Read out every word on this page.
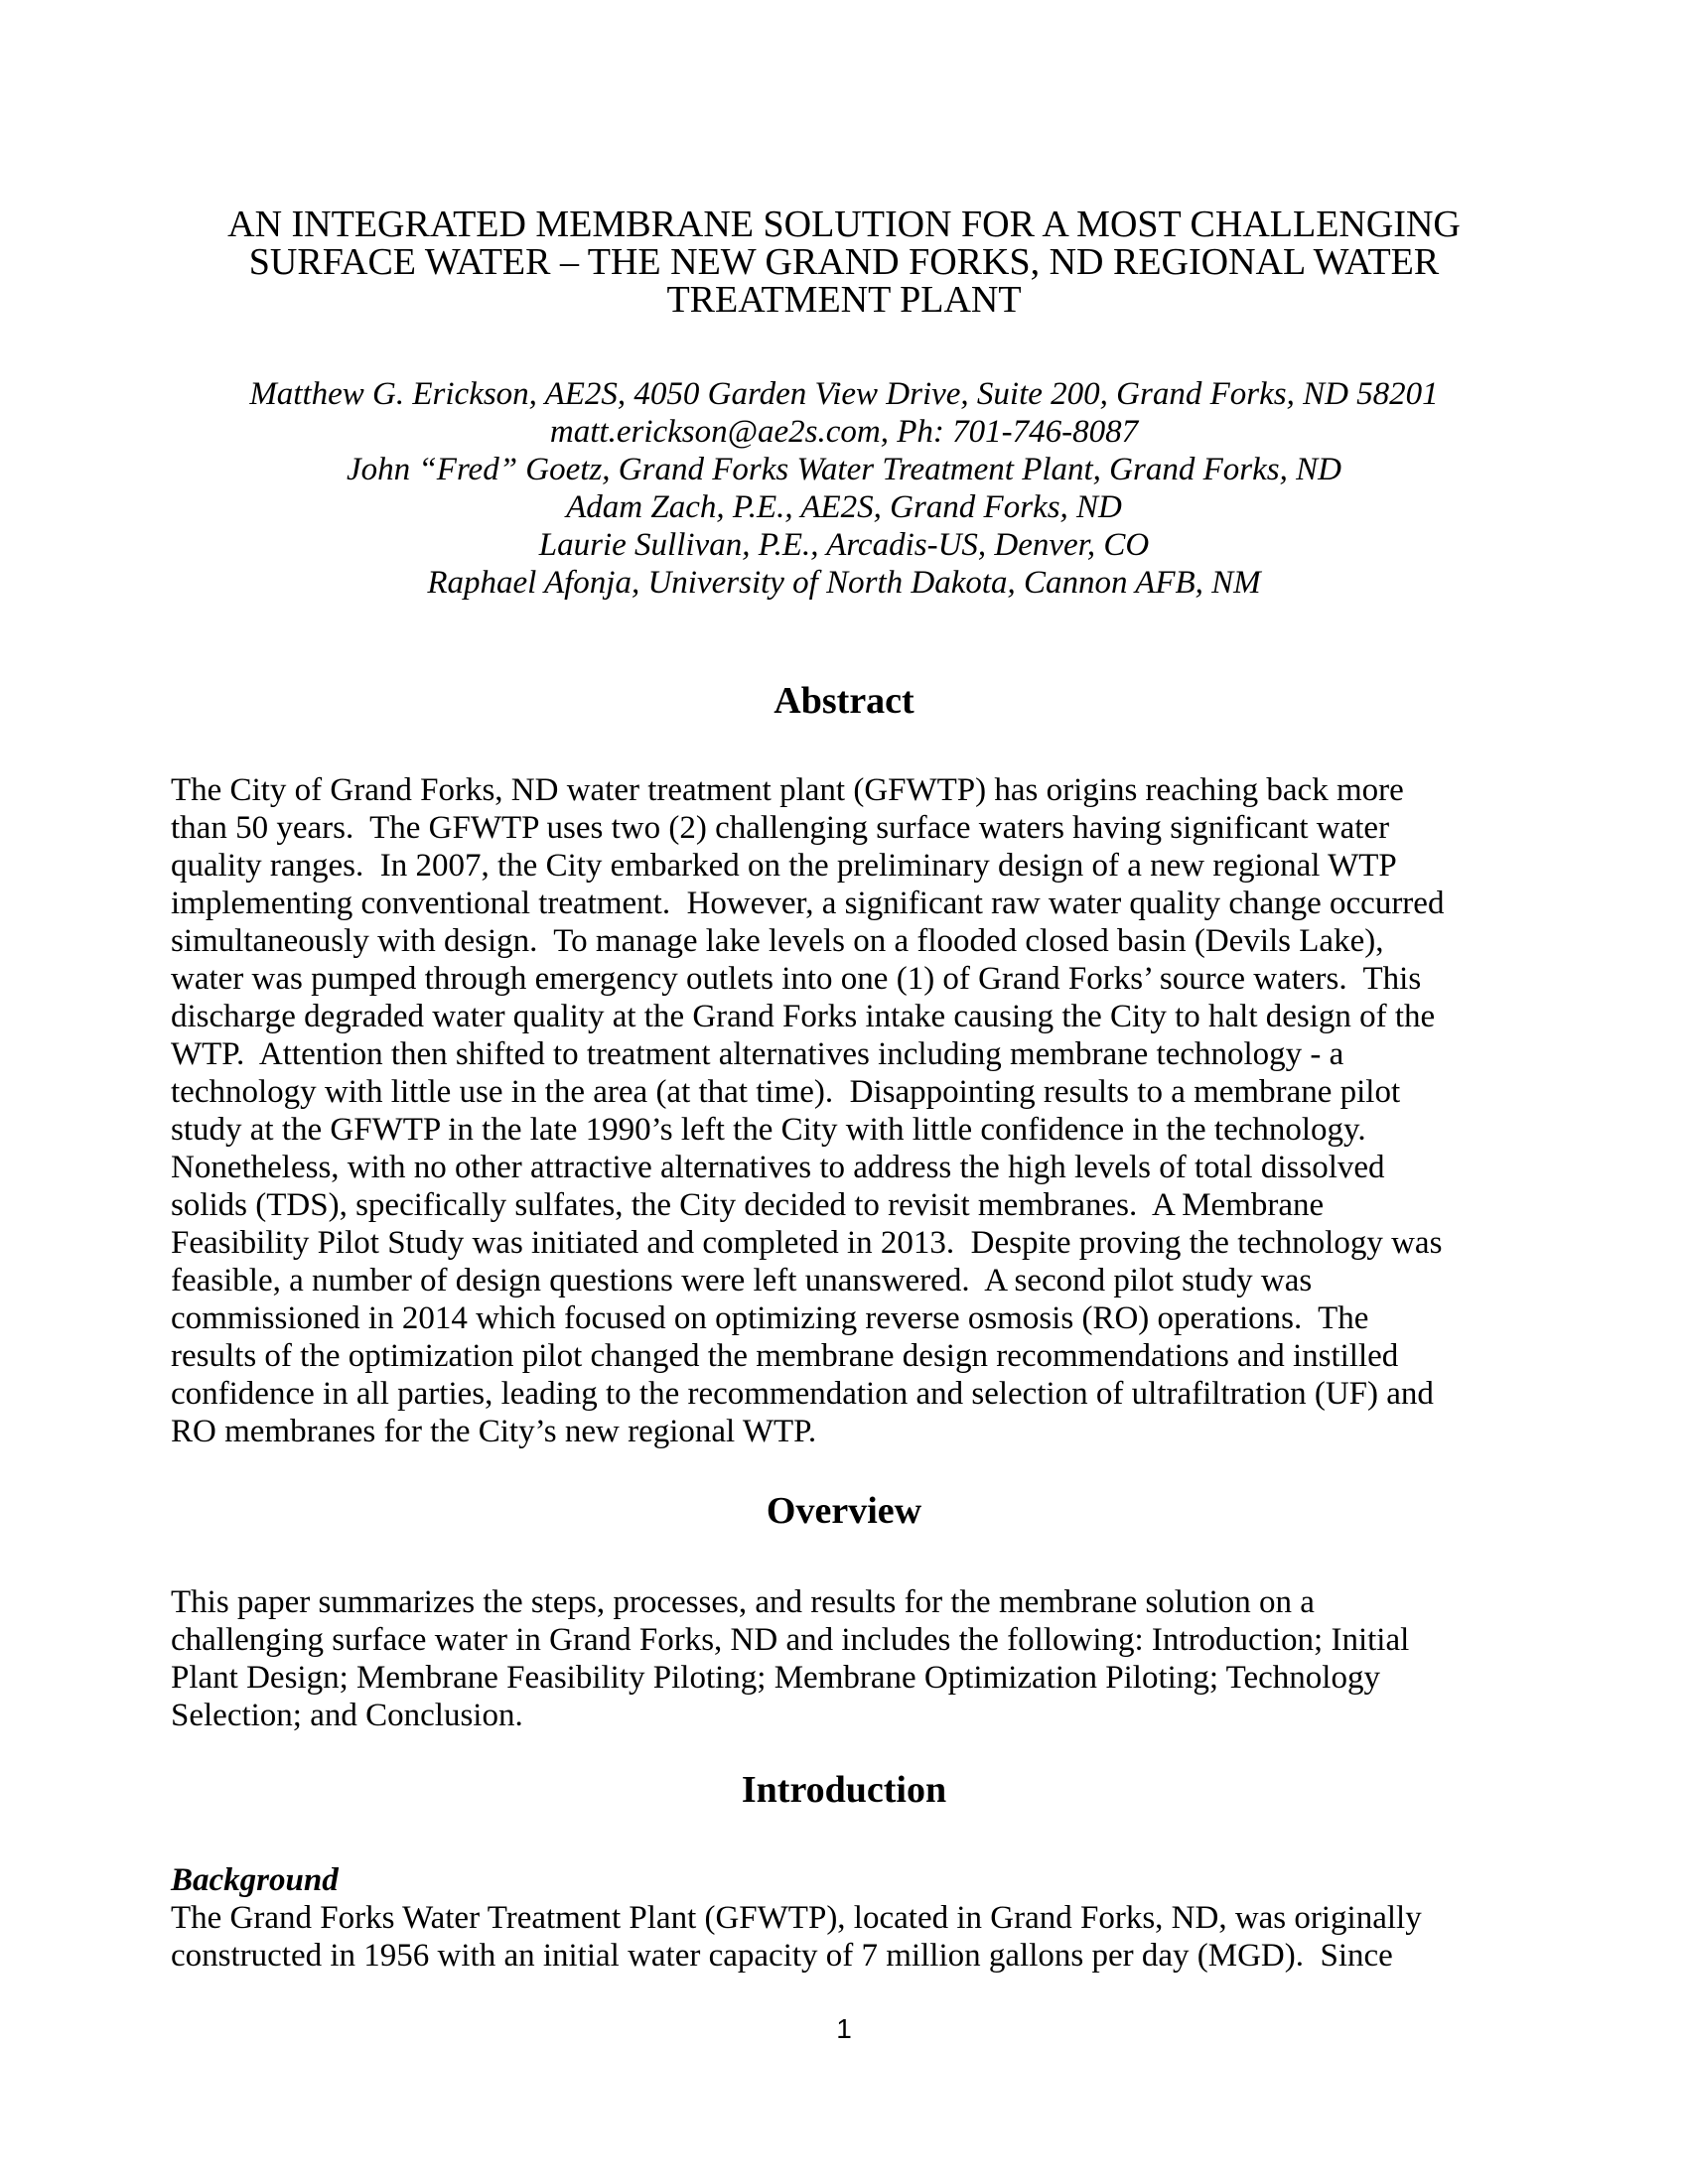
AN INTEGRATED MEMBRANE SOLUTION FOR A MOST CHALLENGING
SURFACE WATER – THE NEW GRAND FORKS, ND REGIONAL WATER
TREATMENT PLANT
Matthew G. Erickson, AE2S, 4050 Garden View Drive, Suite 200, Grand Forks, ND 58201
matt.erickson@ae2s.com, Ph: 701-746-8087
John “Fred” Goetz, Grand Forks Water Treatment Plant, Grand Forks, ND
Adam Zach, P.E., AE2S, Grand Forks, ND
Laurie Sullivan, P.E., Arcadis-US, Denver, CO
Raphael Afonja, University of North Dakota, Cannon AFB, NM
Abstract
The City of Grand Forks, ND water treatment plant (GFWTP) has origins reaching back more
than 50 years.  The GFWTP uses two (2) challenging surface waters having significant water
quality ranges.  In 2007, the City embarked on the preliminary design of a new regional WTP
implementing conventional treatment.  However, a significant raw water quality change occurred
simultaneously with design.  To manage lake levels on a flooded closed basin (Devils Lake),
water was pumped through emergency outlets into one (1) of Grand Forks’ source waters.  This
discharge degraded water quality at the Grand Forks intake causing the City to halt design of the
WTP.  Attention then shifted to treatment alternatives including membrane technology - a
technology with little use in the area (at that time).  Disappointing results to a membrane pilot
study at the GFWTP in the late 1990’s left the City with little confidence in the technology.
Nonetheless, with no other attractive alternatives to address the high levels of total dissolved
solids (TDS), specifically sulfates, the City decided to revisit membranes.  A Membrane
Feasibility Pilot Study was initiated and completed in 2013.  Despite proving the technology was
feasible, a number of design questions were left unanswered.  A second pilot study was
commissioned in 2014 which focused on optimizing reverse osmosis (RO) operations.  The
results of the optimization pilot changed the membrane design recommendations and instilled
confidence in all parties, leading to the recommendation and selection of ultrafiltration (UF) and
RO membranes for the City’s new regional WTP.
Overview
This paper summarizes the steps, processes, and results for the membrane solution on a
challenging surface water in Grand Forks, ND and includes the following: Introduction; Initial
Plant Design; Membrane Feasibility Piloting; Membrane Optimization Piloting; Technology
Selection; and Conclusion.
Introduction
Background
The Grand Forks Water Treatment Plant (GFWTP), located in Grand Forks, ND, was originally
constructed in 1956 with an initial water capacity of 7 million gallons per day (MGD).  Since
1
